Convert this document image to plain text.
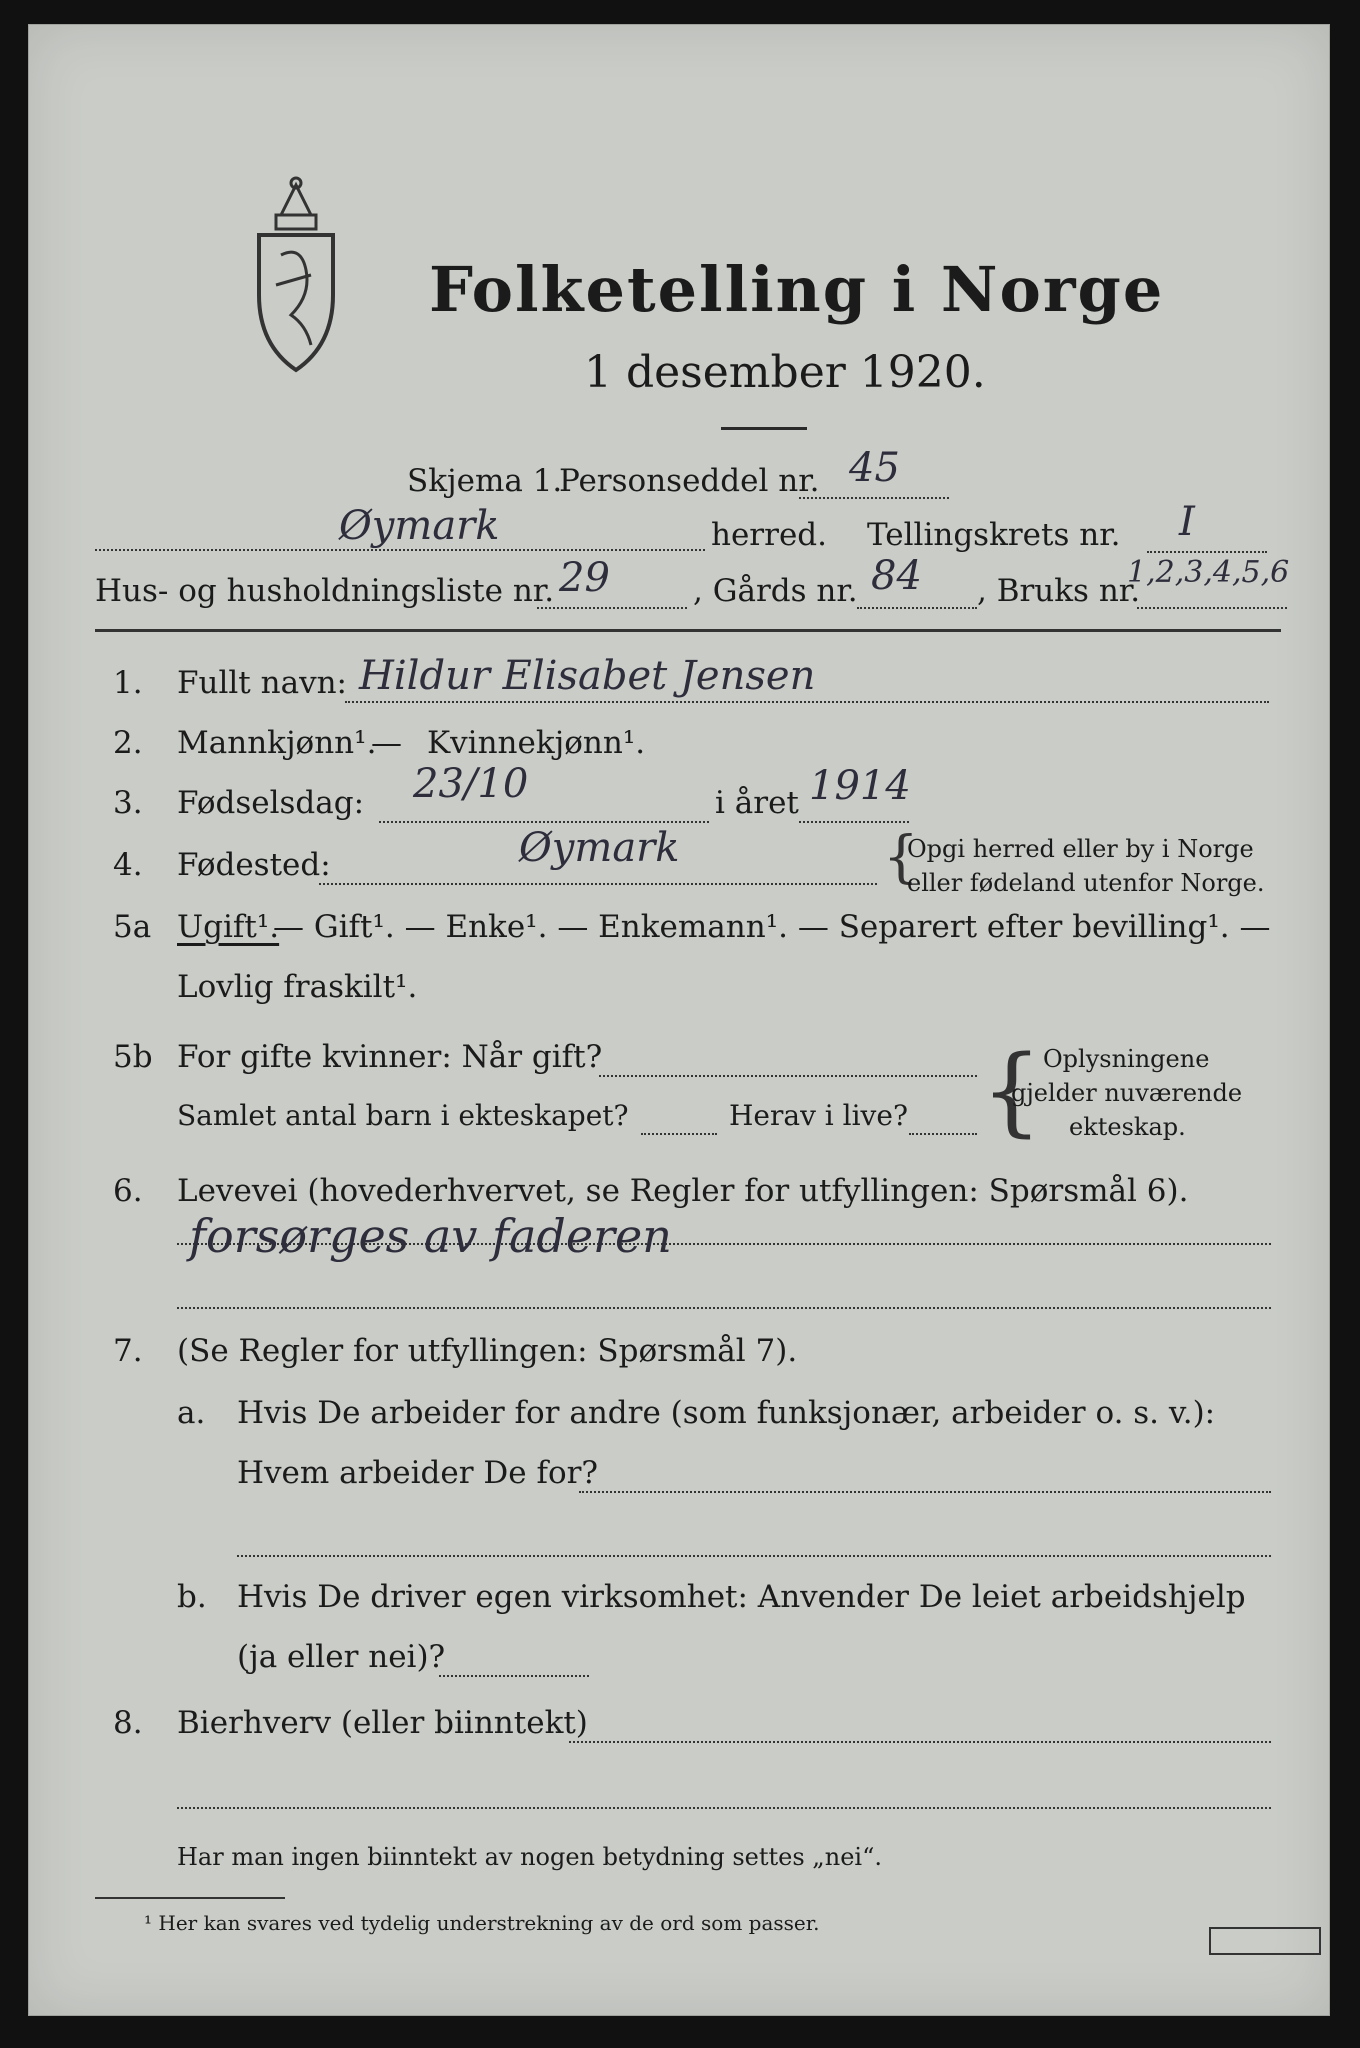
Folketelling i Norge
1 desember 1920.
Skjema 1.
Personseddel nr. 45
Øymark	herred. Tellingskrets nr. I
Hus- og husholdningsliste nr. 29	, Gårds nr. 84 , Bruks nr.
1,2,3,4,5,6
1. Fullt navn: Hildur Elisabet Jensen
2. Mannkjønn¹.
— Kvinnekjønn¹.
3. Fødselsdag: 23/10	i året 1914
4. Fødested:	Øymark	{
Opgi herred eller by i Norge
eller fødeland utenfor Norge.
5a Ugift¹.
— Gift¹. — Enke¹. — Enkemann¹. — Separert efter bevilling¹. —
Lovlig fraskilt¹.
5b For gifte kvinner: Når gift?
Samlet antal barn i ekteskapet?	Herav i live? { Oplysningene
gjelder nuværende
ekteskap.
6. Levevei (hovederhvervet, se Regler for utfyllingen: Spørsmål 6).
forsørges av faderen
7. (Se Regler for utfyllingen: Spørsmål 7).
a. Hvis De arbeider for andre (som funksjonær, arbeider o. s. v.):
Hvem arbeider De for?
b. Hvis De driver egen virksomhet: Anvender De leiet arbeidshjelp
(ja eller nei)?
8. Bierhverv (eller biinntekt)
Har man ingen biinntekt av nogen betydning settes „nei“.
¹ Her kan svares ved tydelig understrekning av de ord som passer.
